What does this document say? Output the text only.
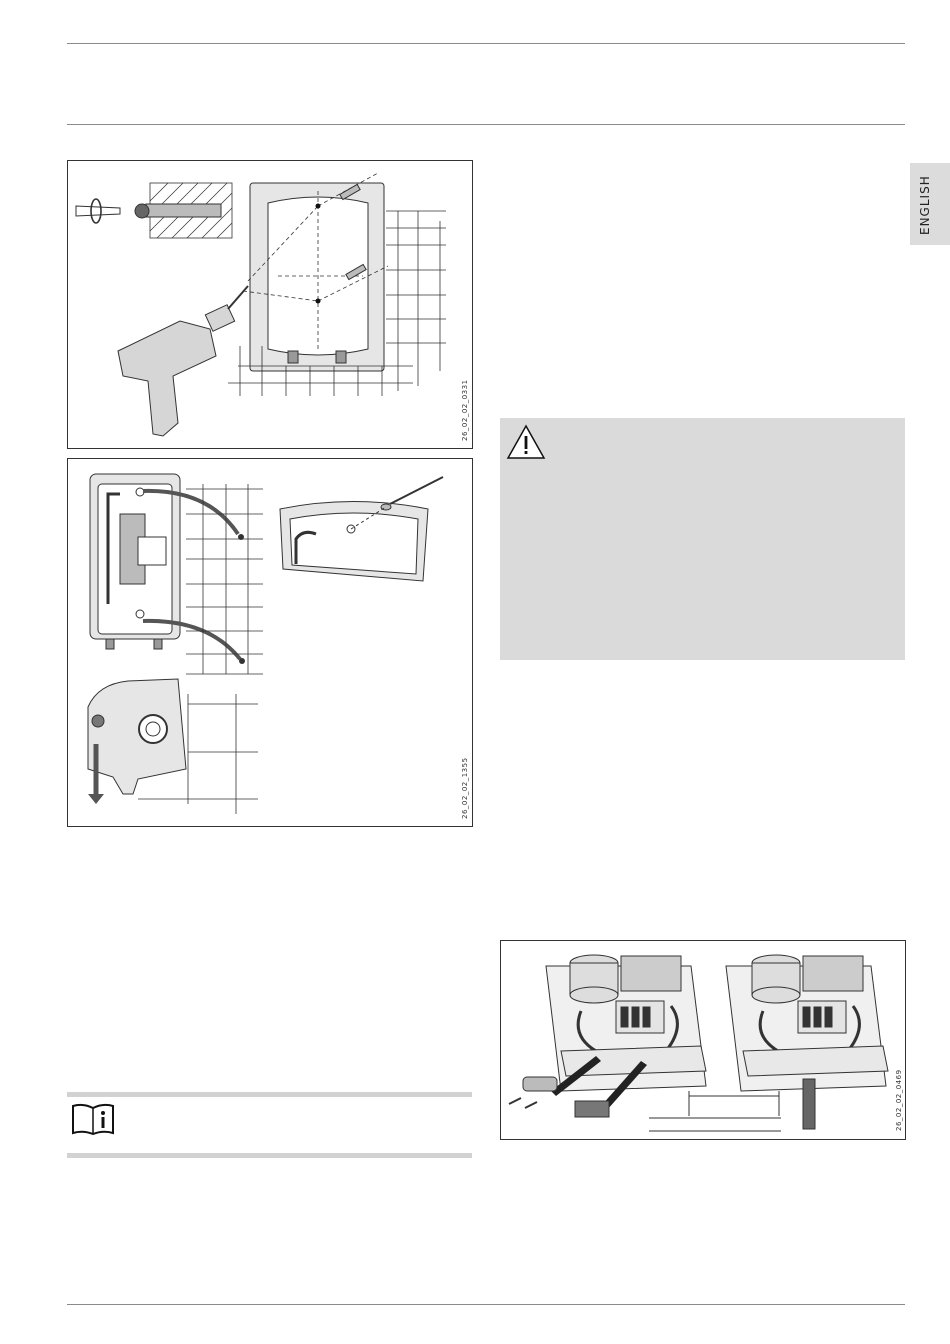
ENGLISH
26_02_02_0331
26_02_02_1355
26_02_02_0469
